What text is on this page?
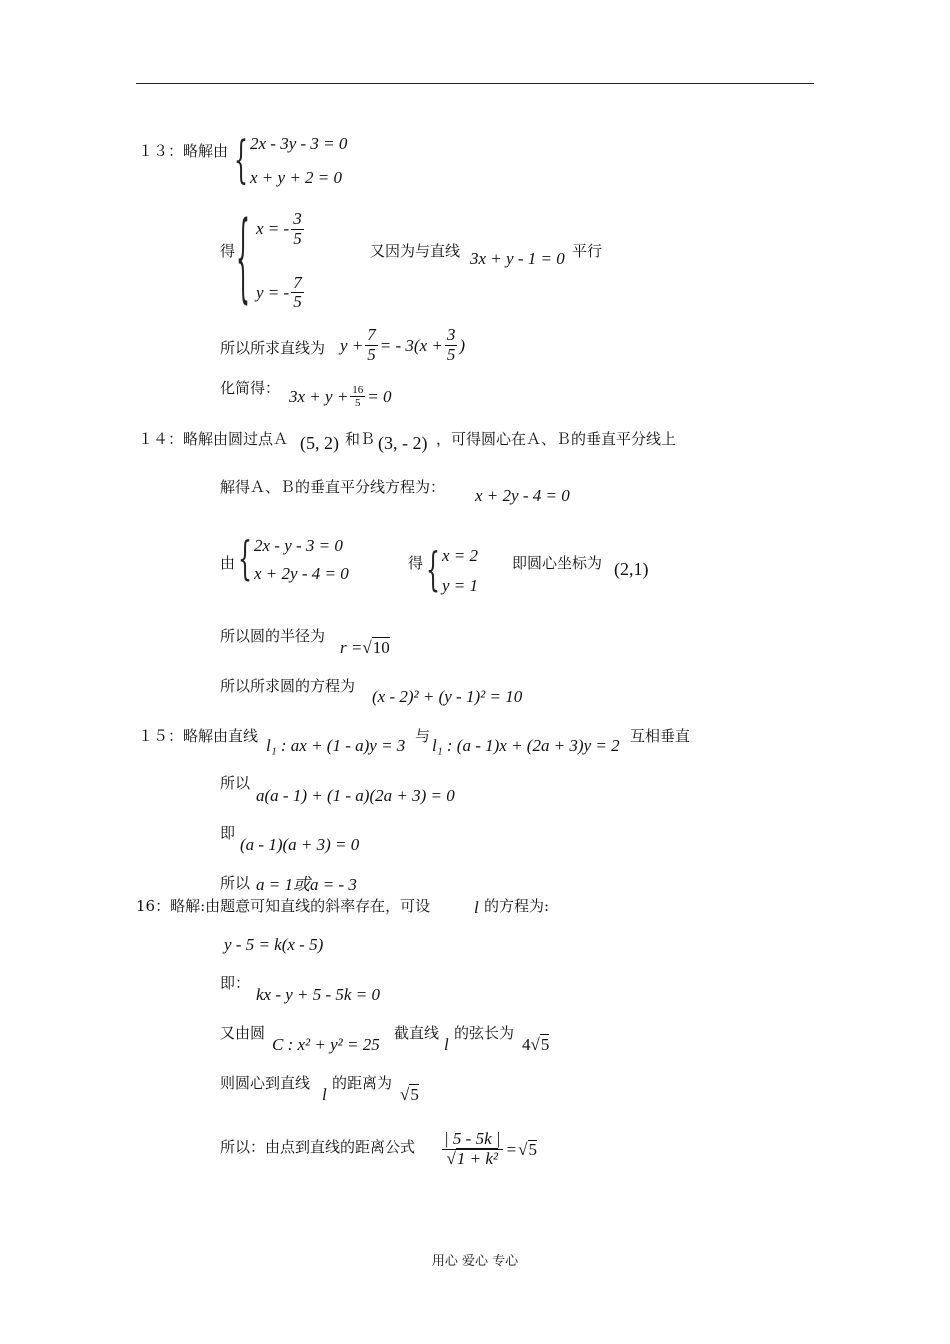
１３：略解由 { 2x - 3y - 3 = 0
x + y + 2 = 0
得 { x = - $\frac{3}{5}$
y = - $\frac{7}{5}$
又因为与直线 3x + y - 1 = 0 平行
所以所求直线为 $y + \frac{7}{5}$ = - $3(x + \frac{3}{5}$ )
化简得： $3x + y + \frac{16}{5} = 0$
１４：略解由圆过点Ａ (5, 2) 和Ｂ (3, - 2) ，可得圆心在Ａ、Ｂ的垂直平分线上
解得Ａ、Ｂ的垂直平分线方程为： x + 2y - 4 = 0
由 { 2x - y - 3 = 0
x + 2y - 4 = 0
得 { x = 2
y = 1
即圆心坐标为 (2,1)
所以圆的半径为
r =√10
所以所求圆的方程为
(x - 2)² + (y - 1)² = 10
１５：略解由直线 l₁ : ax + (1 - a)y = 3 与 l₁ : (a - 1)x + (2a + 3)y = 2 互相垂直
所以
a(a - 1) + (1 - a)(2a + 3) = 0
即
(a - 1)(a + 3) = 0
所以 a = 1或a = - 3
16：略解:由题意可知直线的斜率存在，可设	l 的方程为:
y - 5 = k(x - 5)
即：
kx - y + 5 - 5k = 0
又由圆
C : x² + y² = 25
截直线
l
的弦长为
4√5
则圆心到直线
l
的距离为
√5
所以：由点到直线的距离公式 $\frac{| 5 - 5k |}{\text{√1 + k²}}$ = √ 5
用心 爱心 专心
